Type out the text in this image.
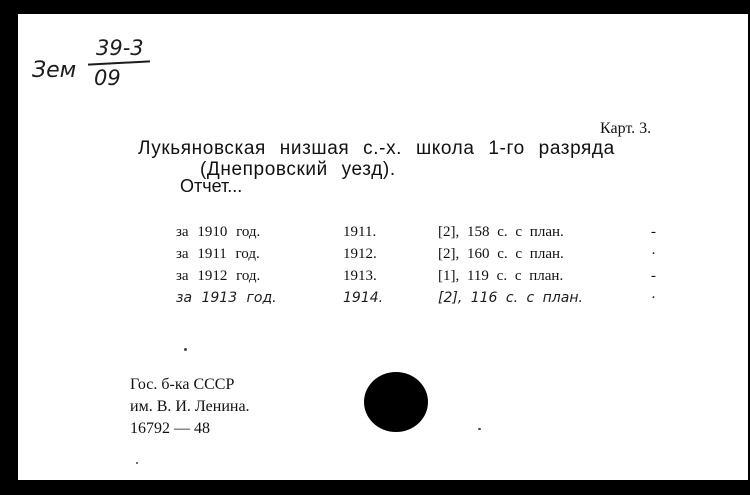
39-3
Зем 09
Карт. 3.
Лукьяновская низшая с.-х. школа 1-го разряда
(Днепровский уезд).
Отчет...
за 1910 год.	1911.	[2], 158 с. с план.	-
за 1911 год.	1912.	[2], 160 с. с план.	·
за 1912 год.	1913.	[1], 119 с. с план.	-
за 1913 год.	1914.	[2], 116 с. с план.	·
Гос. б-ка СССР
им. В. И. Ленина.
16792 — 48
